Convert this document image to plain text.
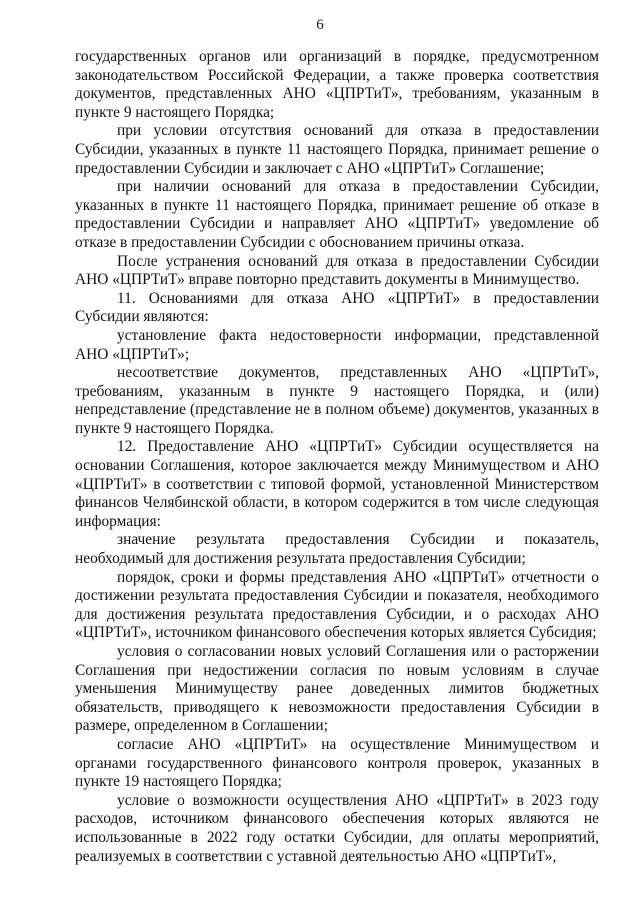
6

государственных органов или организаций в порядке, предусмотренном законодательством Российской Федерации, а также проверка соответствия документов, представленных АНО «ЦПРТиТ», требованиям, указанным в пункте 9 настоящего Порядка;

при условии отсутствия оснований для отказа в предоставлении Субсидии, указанных в пункте 11 настоящего Порядка, принимает решение о предоставлении Субсидии и заключает с АНО «ЦПРТиТ» Соглашение;

при наличии оснований для отказа в предоставлении Субсидии, указанных в пункте 11 настоящего Порядка, принимает решение об отказе в предоставлении Субсидии и направляет АНО «ЦПРТиТ» уведомление об отказе в предоставлении Субсидии с обоснованием причины отказа.

После устранения оснований для отказа в предоставлении Субсидии АНО «ЦПРТиТ» вправе повторно представить документы в Минимущество.

11. Основаниями для отказа АНО «ЦПРТиТ» в предоставлении Субсидии являются:

установление факта недостоверности информации, представленной АНО «ЦПРТиТ»;

несоответствие документов, представленных АНО «ЦПРТиТ», требованиям, указанным в пункте 9 настоящего Порядка, и (или) непредставление (представление не в полном объеме) документов, указанных в пункте 9 настоящего Порядка.

12. Предоставление АНО «ЦПРТиТ» Субсидии осуществляется на основании Соглашения, которое заключается между Минимуществом и АНО «ЦПРТиТ» в соответствии с типовой формой, установленной Министерством финансов Челябинской области, в котором содержится в том числе следующая информация:

значение результата предоставления Субсидии и показатель, необходимый для достижения результата предоставления Субсидии;

порядок, сроки и формы представления АНО «ЦПРТиТ» отчетности о достижении результата предоставления Субсидии и показателя, необходимого для достижения результата предоставления Субсидии, и о расходах АНО «ЦПРТиТ», источником финансового обеспечения которых является Субсидия;

условия о согласовании новых условий Соглашения или о расторжении Соглашения при недостижении согласия по новым условиям в случае уменьшения Минимуществу ранее доведенных лимитов бюджетных обязательств, приводящего к невозможности предоставления Субсидии в размере, определенном в Соглашении;

согласие АНО «ЦПРТиТ» на осуществление Минимуществом и органами государственного финансового контроля проверок, указанных в пункте 19 настоящего Порядка;

условие о возможности осуществления АНО «ЦПРТиТ» в 2023 году расходов, источником финансового обеспечения которых являются не использованные в 2022 году остатки Субсидии, для оплаты мероприятий, реализуемых в соответствии с уставной деятельностью АНО «ЦПРТиТ»,
